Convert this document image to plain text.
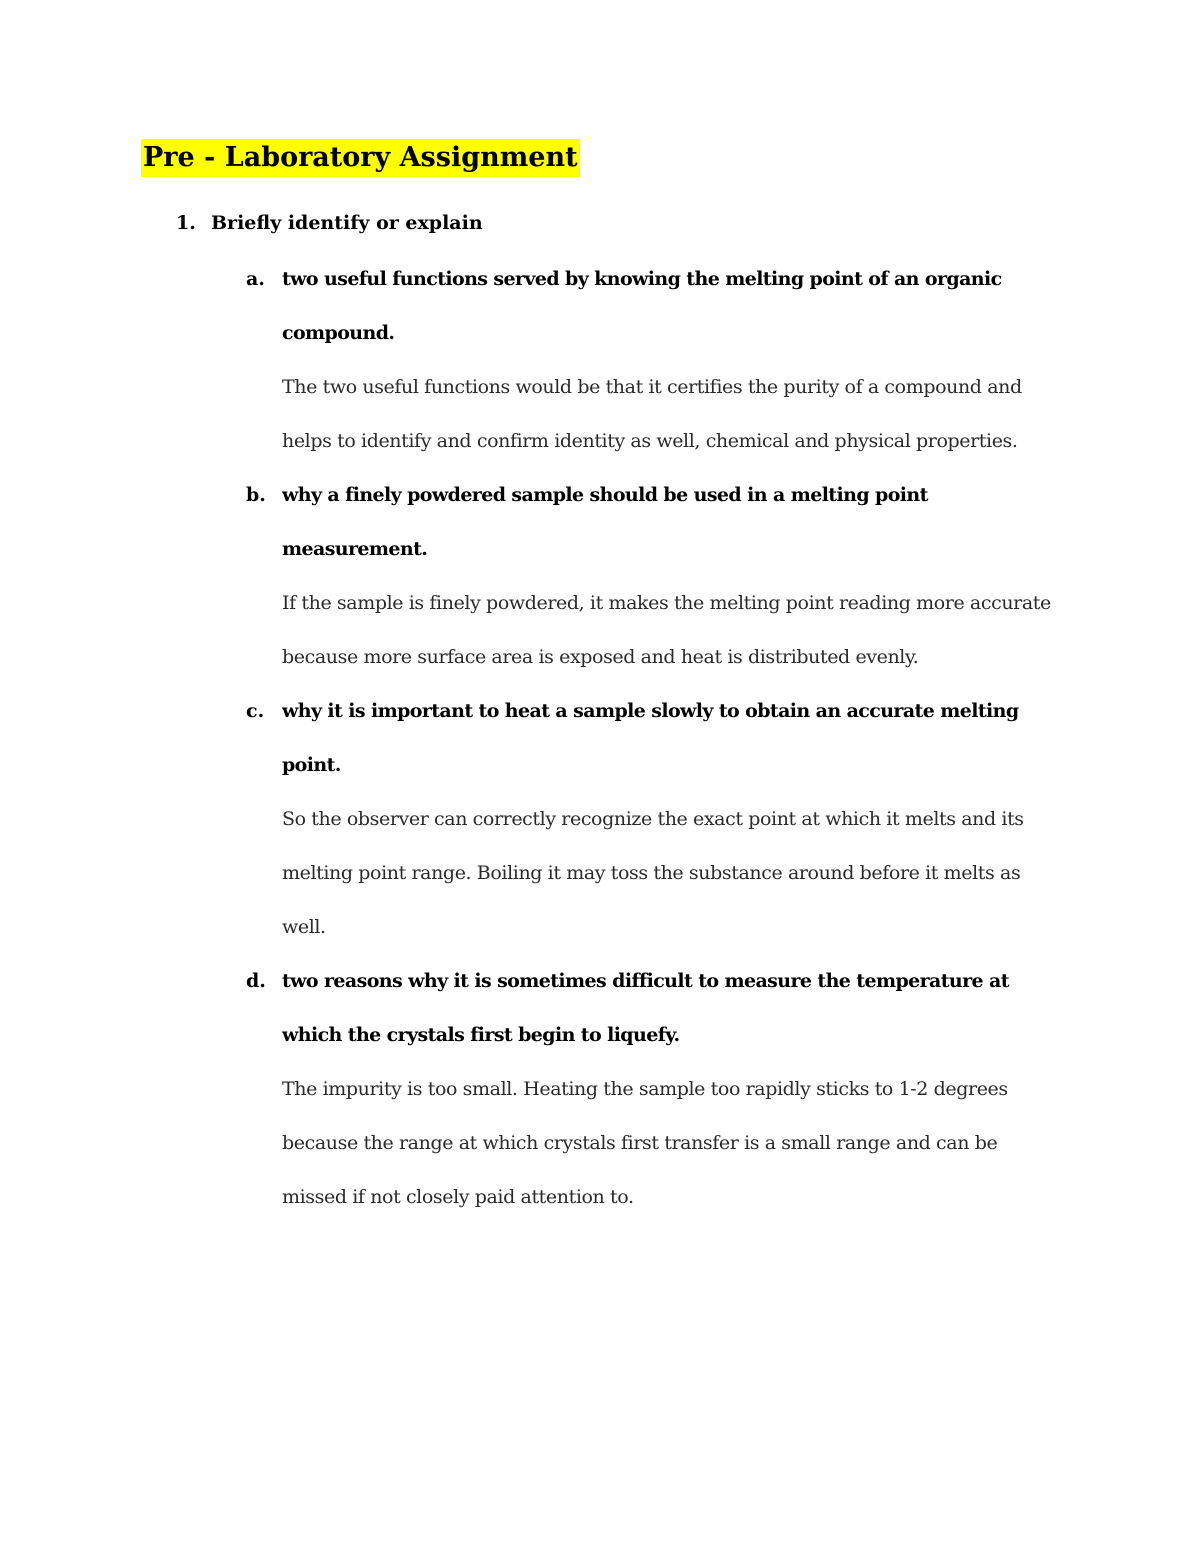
Pre - Laboratory Assignment
1. Briefly identify or explain
a. two useful functions served by knowing the melting point of an organic
compound.
The two useful functions would be that it certifies the purity of a compound and
helps to identify and confirm identity as well, chemical and physical properties.
b. why a finely powdered sample should be used in a melting point
measurement.
If the sample is finely powdered, it makes the melting point reading more accurate
because more surface area is exposed and heat is distributed evenly.
c. why it is important to heat a sample slowly to obtain an accurate melting
point.
So the observer can correctly recognize the exact point at which it melts and its
melting point range. Boiling it may toss the substance around before it melts as
well.
d. two reasons why it is sometimes difficult to measure the temperature at
which the crystals first begin to liquefy.
The impurity is too small. Heating the sample too rapidly sticks to 1-2 degrees
because the range at which crystals first transfer is a small range and can be
missed if not closely paid attention to.
